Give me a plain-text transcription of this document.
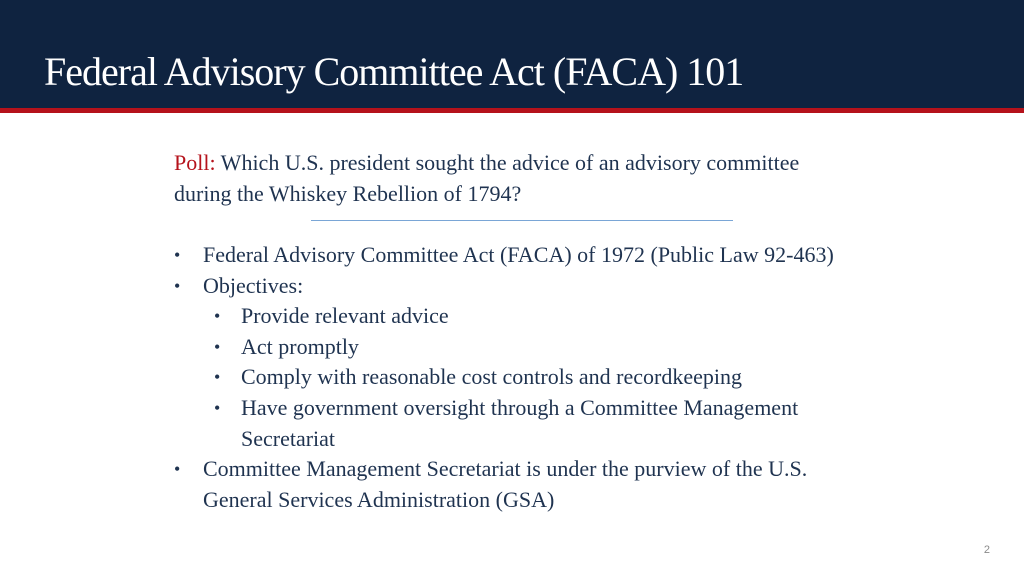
Federal Advisory Committee Act (FACA) 101
Poll: Which U.S. president sought the advice of an advisory committee during the Whiskey Rebellion of 1794?
• Federal Advisory Committee Act (FACA) of 1972 (Public Law 92-463)
• Objectives:
• Provide relevant advice
• Act promptly
• Comply with reasonable cost controls and recordkeeping
• Have government oversight through a Committee Management Secretariat
• Committee Management Secretariat is under the purview of the U.S. General Services Administration (GSA)
2
